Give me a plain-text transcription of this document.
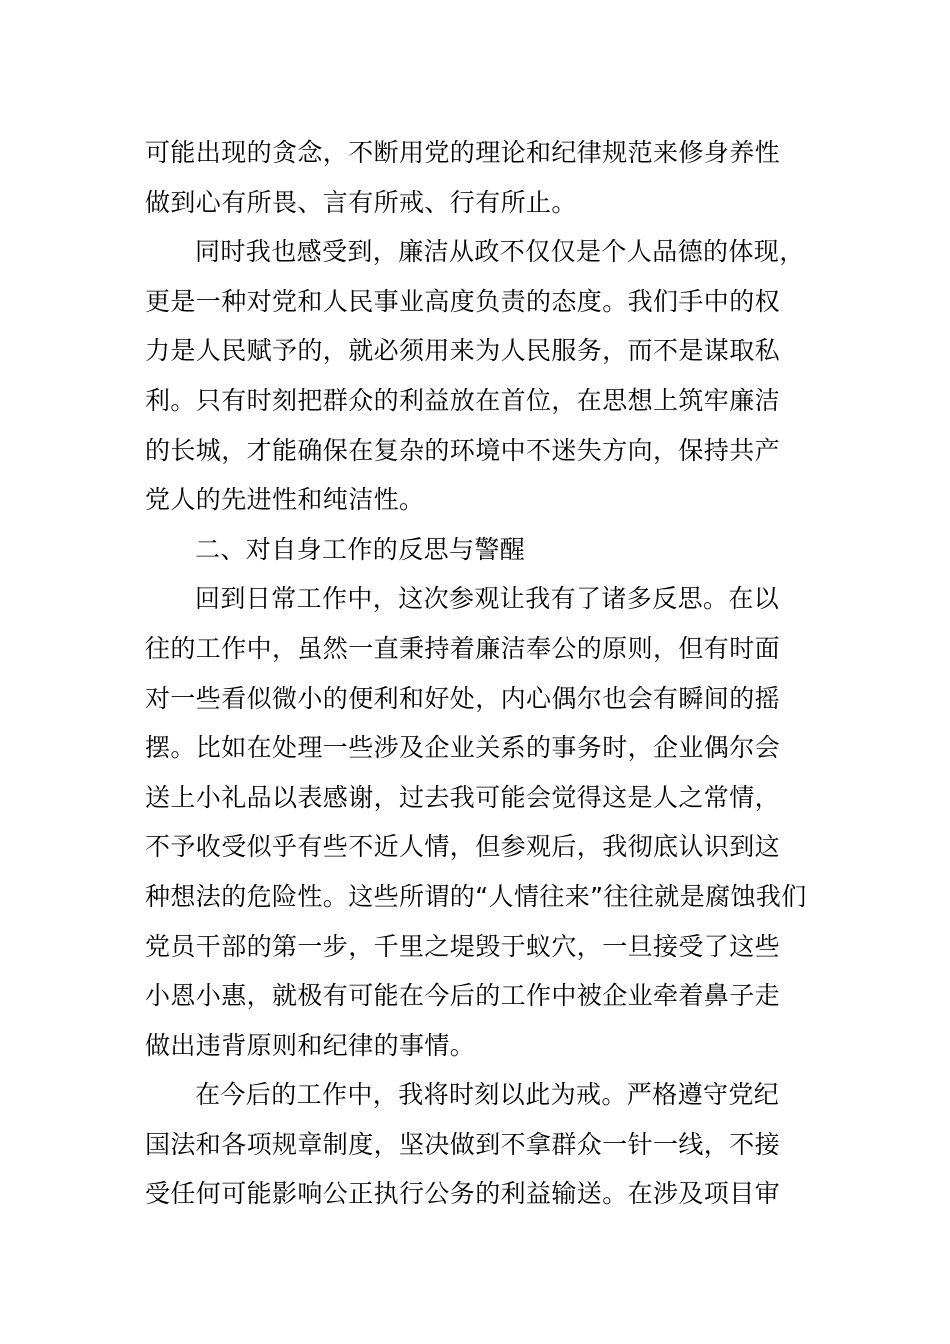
可能出现的贪念，不断用党的理论和纪律规范来修身养性
做到心有所畏、言有所戒、行有所止。
同时我也感受到，廉洁从政不仅仅是个人品德的体现，
更是一种对党和人民事业高度负责的态度。我们手中的权
力是人民赋予的，就必须用来为人民服务，而不是谋取私
利。只有时刻把群众的利益放在首位，在思想上筑牢廉洁
的长城，才能确保在复杂的环境中不迷失方向，保持共产
党人的先进性和纯洁性。
二、对自身工作的反思与警醒
回到日常工作中，这次参观让我有了诸多反思。在以
往的工作中，虽然一直秉持着廉洁奉公的原则，但有时面
对一些看似微小的便利和好处，内心偶尔也会有瞬间的摇
摆。比如在处理一些涉及企业关系的事务时，企业偶尔会
送上小礼品以表感谢，过去我可能会觉得这是人之常情，
不予收受似乎有些不近人情，但参观后，我彻底认识到这
种想法的危险性。这些所谓的“人情往来”往往就是腐蚀我们
党员干部的第一步，千里之堤毁于蚁穴，一旦接受了这些
小恩小惠，就极有可能在今后的工作中被企业牵着鼻子走
做出违背原则和纪律的事情。
在今后的工作中，我将时刻以此为戒。严格遵守党纪
国法和各项规章制度，坚决做到不拿群众一针一线，不接
受任何可能影响公正执行公务的利益输送。在涉及项目审
